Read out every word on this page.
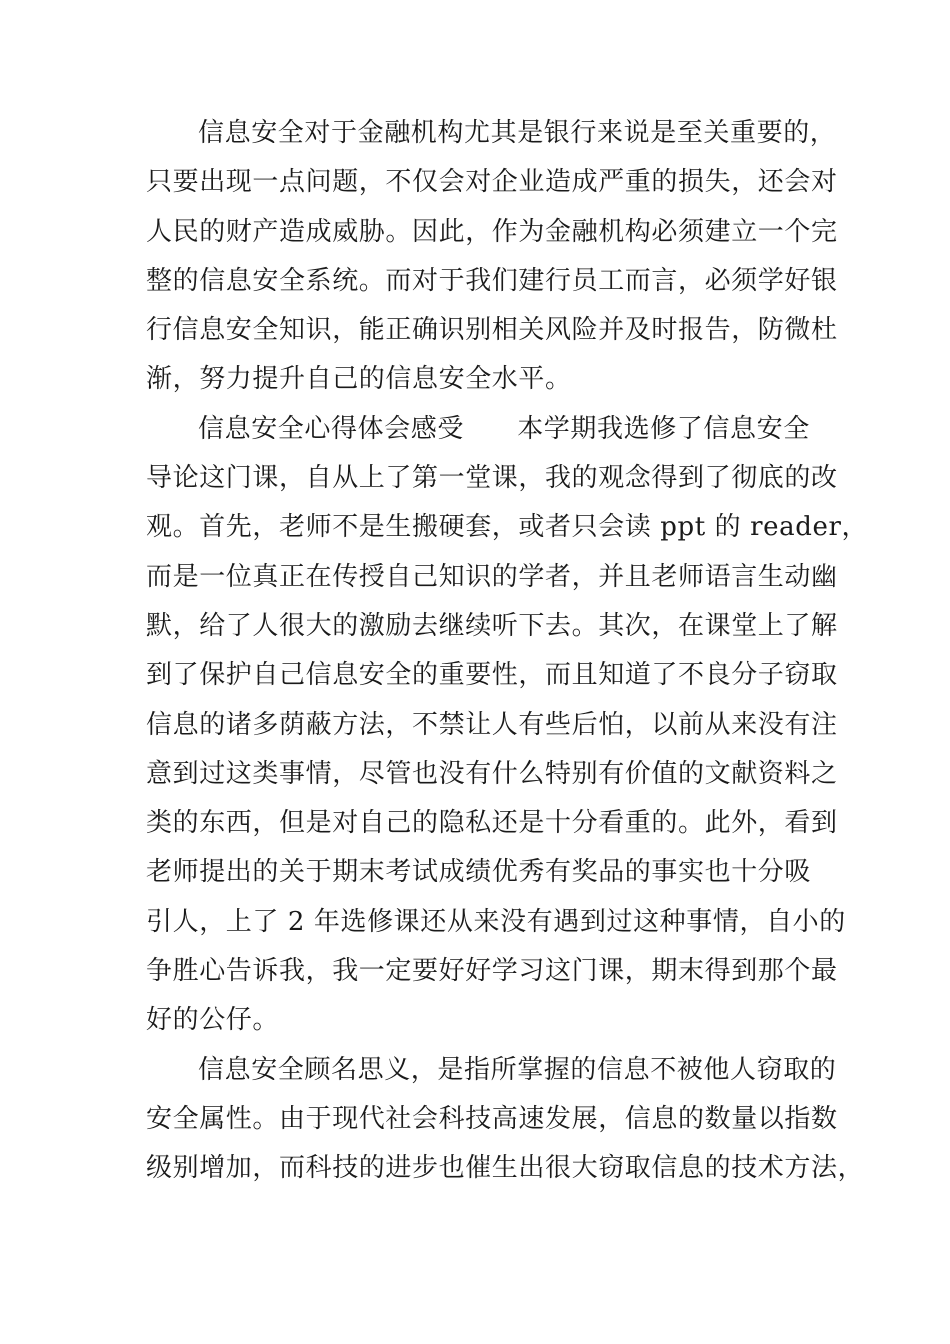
信息安全对于金融机构尤其是银行来说是至关重要的，
只要出现一点问题，不仅会对企业造成严重的损失，还会对
人民的财产造成威胁。因此，作为金融机构必须建立一个完
整的信息安全系统。而对于我们建行员工而言，必须学好银
行信息安全知识，能正确识别相关风险并及时报告，防微杜
渐，努力提升自己的信息安全水平。
信息安全心得体会感受　　本学期我选修了信息安全
导论这门课，自从上了第一堂课，我的观念得到了彻底的改
观。首先，老师不是生搬硬套，或者只会读 ppt 的 reader，
而是一位真正在传授自己知识的学者，并且老师语言生动幽
默，给了人很大的激励去继续听下去。其次，在课堂上了解
到了保护自己信息安全的重要性，而且知道了不良分子窃取
信息的诸多荫蔽方法，不禁让人有些后怕，以前从来没有注
意到过这类事情，尽管也没有什么特别有价值的文献资料之
类的东西，但是对自己的隐私还是十分看重的。此外，看到
老师提出的关于期末考试成绩优秀有奖品的事实也十分吸
引人，上了 2 年选修课还从来没有遇到过这种事情，自小的
争胜心告诉我，我一定要好好学习这门课，期末得到那个最
好的公仔。
信息安全顾名思义，是指所掌握的信息不被他人窃取的
安全属性。由于现代社会科技高速发展，信息的数量以指数
级别增加，而科技的进步也催生出很大窃取信息的技术方法，
